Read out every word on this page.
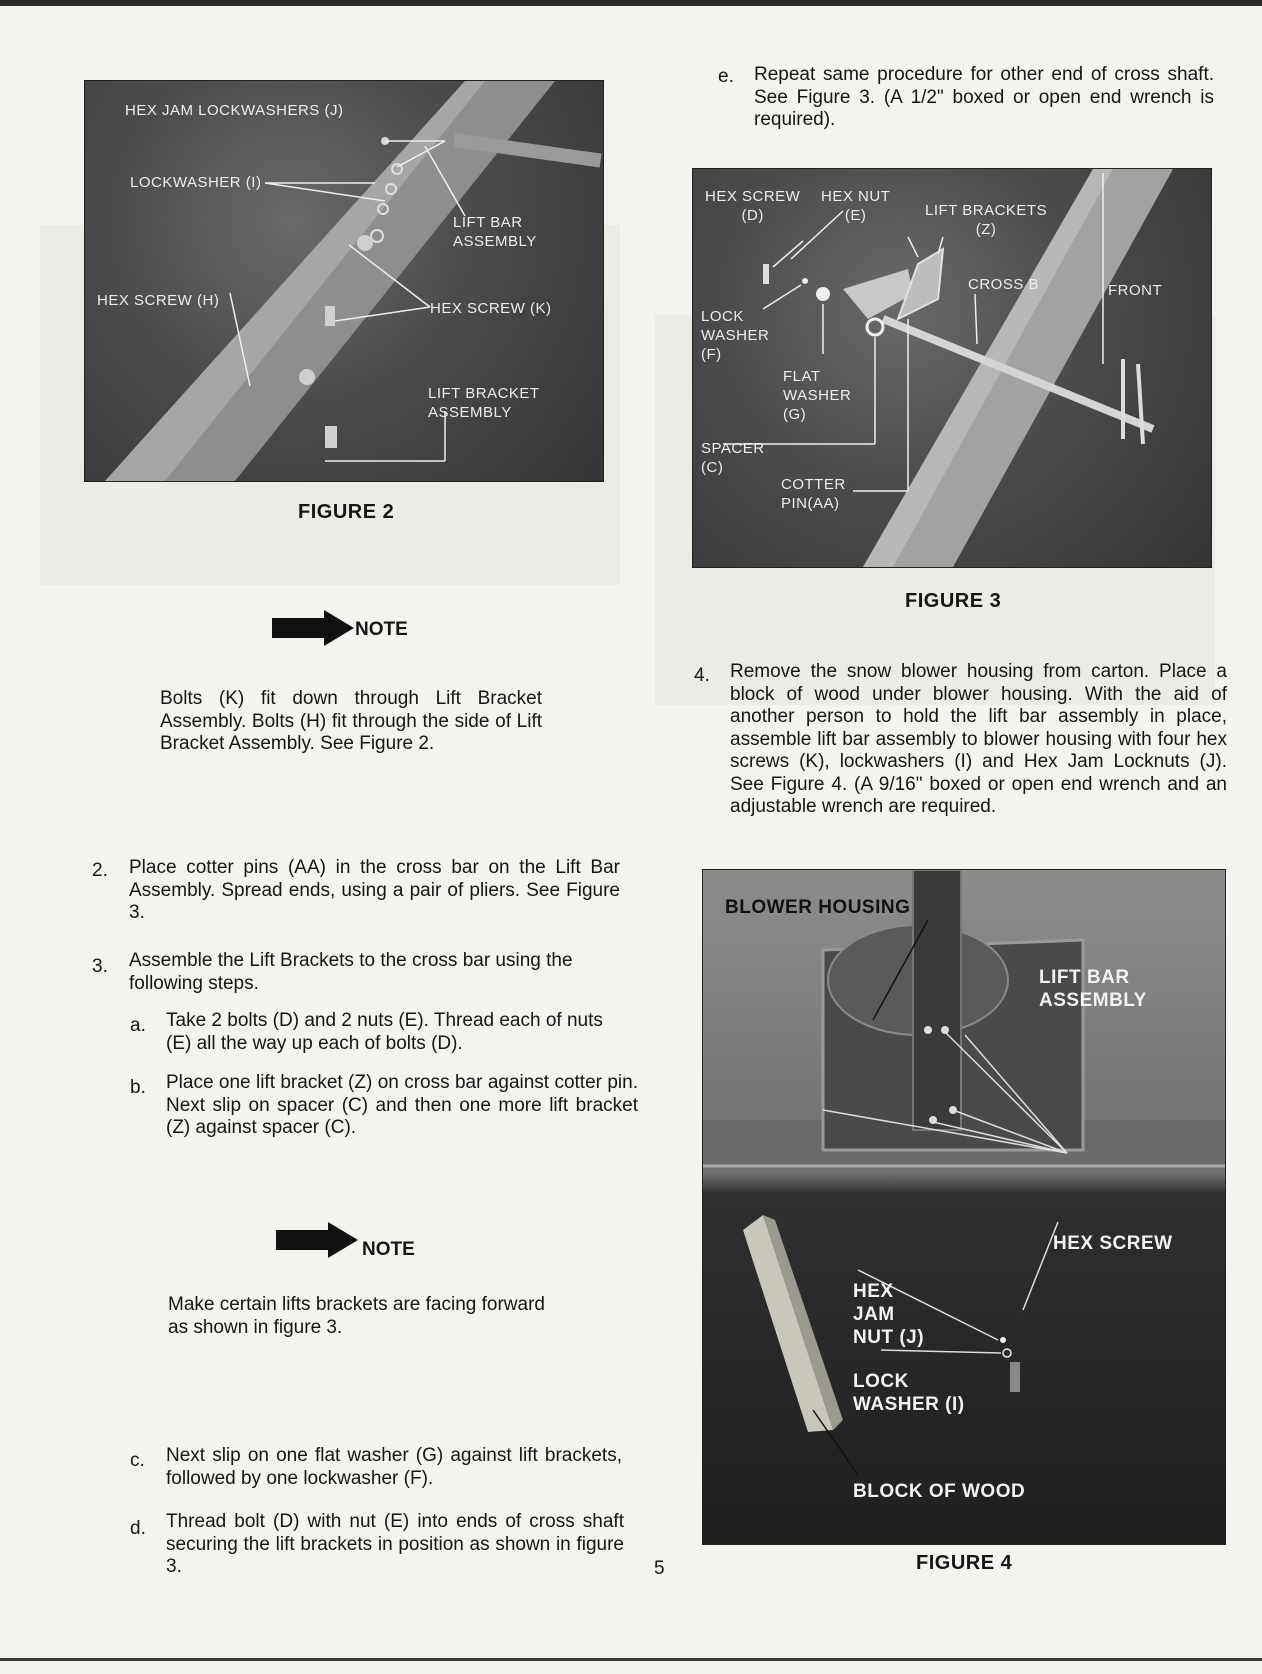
HEX JAM LOCKWASHERS (J)
LOCKWASHER (I)
LIFT BAR
ASSEMBLY
HEX SCREW (H)	HEX SCREW (K)
LIFT BRACKET
ASSEMBLY
FIGURE 2
NOTE
Bolts (K) fit down through Lift Bracket Assembly. Bolts (H) fit through the side of Lift Bracket Assembly. See Figure 2.
2. Place cotter pins (AA) in the cross bar on the Lift Bar Assembly. Spread ends, using a pair of pliers. See Figure 3.
3. Assemble the Lift Brackets to the cross bar using the following steps.
a. Take 2 bolts (D) and 2 nuts (E). Thread each of nuts (E) all the way up each of bolts (D).
b. Place one lift bracket (Z) on cross bar against cotter pin. Next slip on spacer (C) and then one more lift bracket (Z) against spacer (C).
NOTE
Make certain lifts brackets are facing forward as shown in figure 3.
c. Next slip on one flat washer (G) against lift brackets, followed by one lockwasher (F).
d. Thread bolt (D) with nut (E) into ends of cross shaft securing the lift brackets in position as shown in figure 3.	5
e. Repeat same procedure for other end of cross shaft. See Figure 3. (A 1/2" boxed or open end wrench is required).
HEX SCREW
(D)
HEX NUT
(E)	LIFT BRACKETS
(Z)
CROSS B	FRONT
LOCK
WASHER
(F)
FLAT
WASHER
(G)
SPACER
(C)
COTTER
PIN(AA)
FIGURE 3
4. Remove the snow blower housing from carton. Place a block of wood under blower housing. With the aid of another person to hold the lift bar assembly in place, assemble lift bar assembly to blower housing with four hex screws (K), lockwashers (I) and Hex Jam Locknuts (J). See Figure 4. (A 9/16" boxed or open end wrench and an adjustable wrench are required.
BLOWER HOUSING
LIFT BAR
ASSEMBLY
HEX SCREW
HEX
JAM
NUT (J)
LOCK
WASHER (I)
BLOCK OF WOOD
FIGURE 4
